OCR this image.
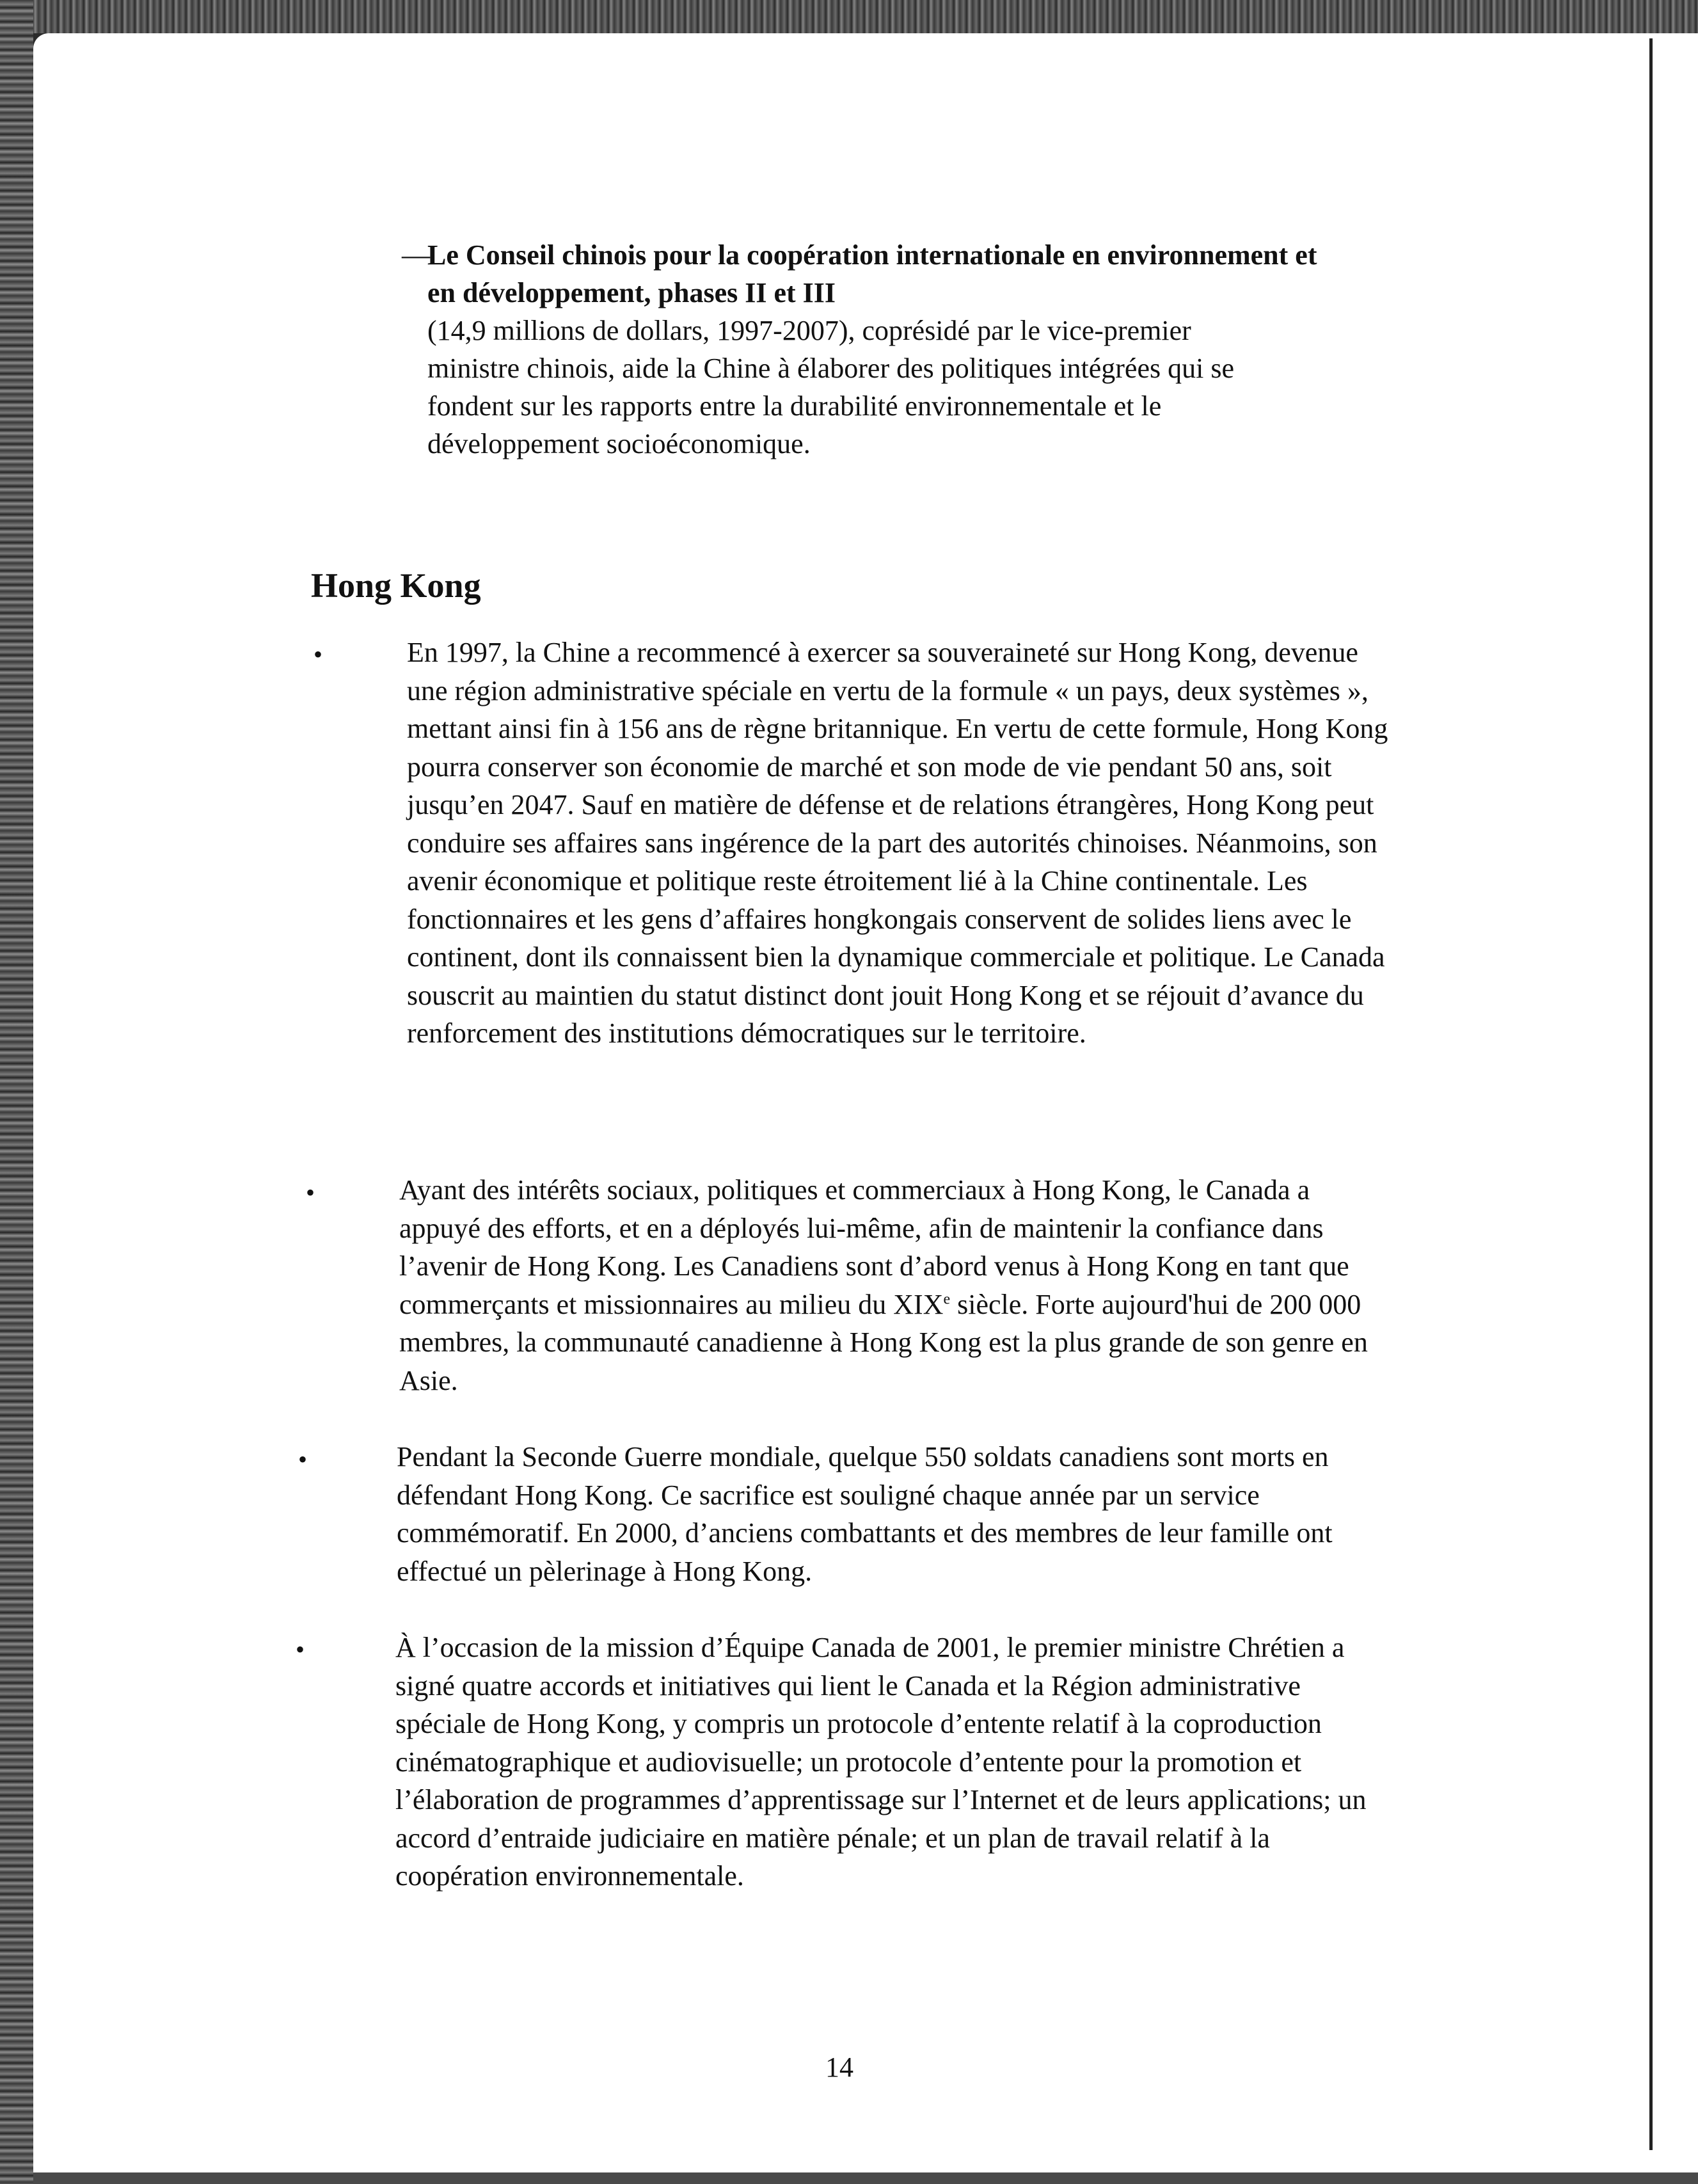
—
Le Conseil chinois pour la coopération internationale en environnement et en développement, phases II et III
(14,9 millions de dollars, 1997-2007), coprésidé par le vice-premier ministre chinois, aide la Chine à élaborer des politiques intégrées qui se fondent sur les rapports entre la durabilité environnementale et le développement socioéconomique.
Hong Kong
•	En 1997, la Chine a recommencé à exercer sa souveraineté sur Hong Kong, devenue une région administrative spéciale en vertu de la formule « un pays, deux systèmes », mettant ainsi fin à 156 ans de règne britannique. En vertu de cette formule, Hong Kong pourra conserver son économie de marché et son mode de vie pendant 50 ans, soit jusqu’en 2047. Sauf en matière de défense et de relations étrangères, Hong Kong peut conduire ses affaires sans ingérence de la part des autorités chinoises. Néanmoins, son avenir économique et politique reste étroitement lié à la Chine continentale. Les fonctionnaires et les gens d’affaires hongkongais conservent de solides liens avec le continent, dont ils connaissent bien la dynamique commerciale et politique. Le Canada souscrit au maintien du statut distinct dont jouit Hong Kong et se réjouit d’avance du renforcement des institutions démocratiques sur le territoire.

•	Ayant des intérêts sociaux, politiques et commerciaux à Hong Kong, le Canada a appuyé des efforts, et en a déployés lui-même, afin de maintenir la confiance dans l’avenir de Hong Kong. Les Canadiens sont d’abord venus à Hong Kong en tant que commerçants et missionnaires au milieu du XIXe siècle. Forte aujourd'hui de 200 000 membres, la communauté canadienne à Hong Kong est la plus grande de son genre en Asie.

•	Pendant la Seconde Guerre mondiale, quelque 550 soldats canadiens sont morts en défendant Hong Kong. Ce sacrifice est souligné chaque année par un service commémoratif. En 2000, d’anciens combattants et des membres de leur famille ont effectué un pèlerinage à Hong Kong.

•	À l’occasion de la mission d’Équipe Canada de 2001, le premier ministre Chrétien a signé quatre accords et initiatives qui lient le Canada et la Région administrative spéciale de Hong Kong, y compris un protocole d’entente relatif à la coproduction cinématographique et audiovisuelle; un protocole d’entente pour la promotion et l’élaboration de programmes d’apprentissage sur l’Internet et de leurs applications; un accord d’entraide judiciaire en matière pénale; et un plan de travail relatif à la coopération environnementale.

14
